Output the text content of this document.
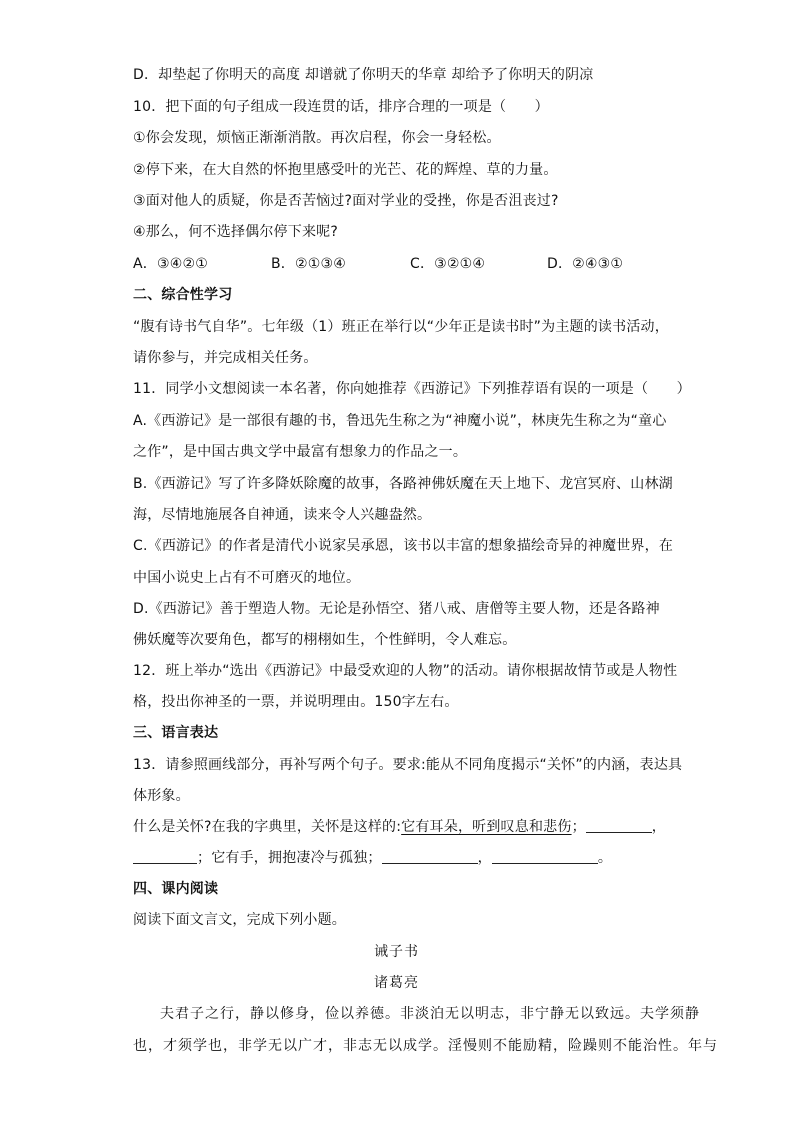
D．却垫起了你明天的高度 却谱就了你明天的华章 却给予了你明天的阴凉
10．把下面的句子组成一段连贯的话，排序合理的一项是（　　）
①你会发现，烦恼正渐渐消散。再次启程，你会一身轻松。
②停下来，在大自然的怀抱里感受叶的光芒、花的辉煌、草的力量。
③面对他人的质疑，你是否苦恼过?面对学业的受挫，你是否沮丧过?
④那么，何不选择偶尔停下来呢?
A．③④②①	B．②①③④	C．③②①④	D．②④③①
二、综合性学习
“腹有诗书气自华”。七年级（1）班正在举行以“少年正是读书时”为主题的读书活动，
请你参与，并完成相关任务。
11．同学小文想阅读一本名著，你向她推荐《西游记》下列推荐语有误的一项是（　　）
A.《西游记》是一部很有趣的书，鲁迅先生称之为“神魔小说”，林庚先生称之为“童心
之作”，是中国古典文学中最富有想象力的作品之一。
B.《西游记》写了许多降妖除魔的故事，各路神佛妖魔在天上地下、龙宫冥府、山林湖
海，尽情地施展各自神通，读来令人兴趣盎然。
C.《西游记》的作者是清代小说家吴承恩，该书以丰富的想象描绘奇异的神魔世界，在
中国小说史上占有不可磨灭的地位。
D.《西游记》善于塑造人物。无论是孙悟空、猪八戒、唐僧等主要人物，还是各路神
佛妖魔等次要角色，都写的栩栩如生，个性鲜明，令人难忘。
12．班上举办“选出《西游记》中最受欢迎的人物”的活动。请你根据故情节或是人物性
格，投出你神圣的一票，并说明理由。150字左右。
三、语言表达
13．请参照画线部分，再补写两个句子。要求:能从不同角度揭示“关怀”的内涵，表达具
体形象。
什么是关怀?在我的字典里，关怀是这样的:它有耳朵，听到叹息和悲伤；	，
；它有手，拥抱凄冷与孤独；	，	。
四、课内阅读
阅读下面文言文，完成下列小题。
诫子书
诸葛亮
夫君子之行，静以修身，俭以养德。非淡泊无以明志，非宁静无以致远。夫学须静
也，才须学也，非学无以广才，非志无以成学。淫慢则不能励精，险躁则不能治性。年与
